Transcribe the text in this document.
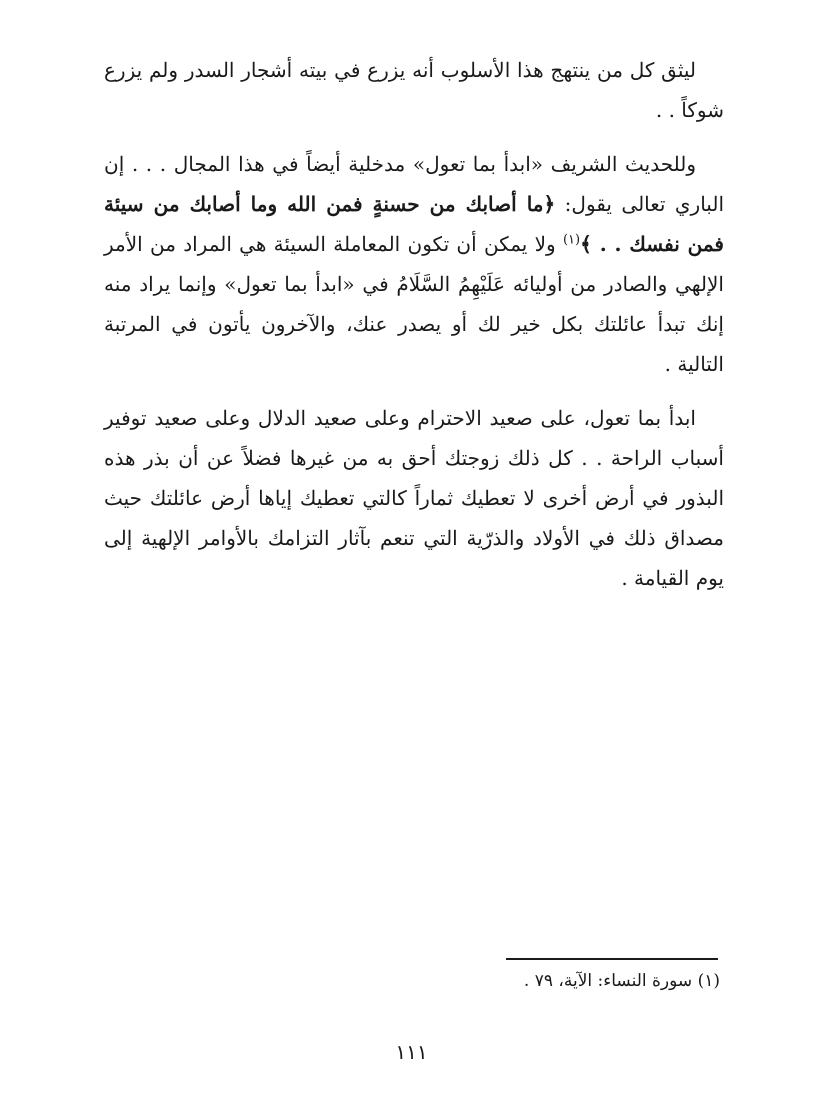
ليثق كل من ينتهج هذا الأسلوب أنه يزرع في بيته أشجار السدر ولم يزرع شوكاً . .

وللحديث الشريف «ابدأ بما تعول» مدخلية أيضاً في هذا المجال . . . إن الباري تعالى يقول: ﴿ما أصابك من حسنةٍ فمن الله وما أصابك من سيئة فمن نفسك . . ﴾$^{(١)}$ ولا يمكن أن تكون المعاملة السيئة هي المراد من الأمر الإلهي والصادر من أوليائه عَلَيْهِمُ السَّلَامُ في «ابدأ بما تعول» وإنما يراد منه إنك تبدأ عائلتك بكل خير لك أو يصدر عنك، والآخرون يأتون في المرتبة التالية .

ابدأ بما تعول، على صعيد الاحترام وعلى صعيد الدلال وعلى صعيد توفير أسباب الراحة . . كل ذلك زوجتك أحق به من غيرها فضلاً عن أن بذر هذه البذور في أرض أخرى لا تعطيك ثماراً كالتي تعطيك إياها أرض عائلتك حيث مصداق ذلك في الأولاد والذرّية التي تنعم بآثار التزامك بالأوامر الإلهية إلى يوم القيامة .

(١) سورة النساء: الآية، ٧٩ .
١١١
